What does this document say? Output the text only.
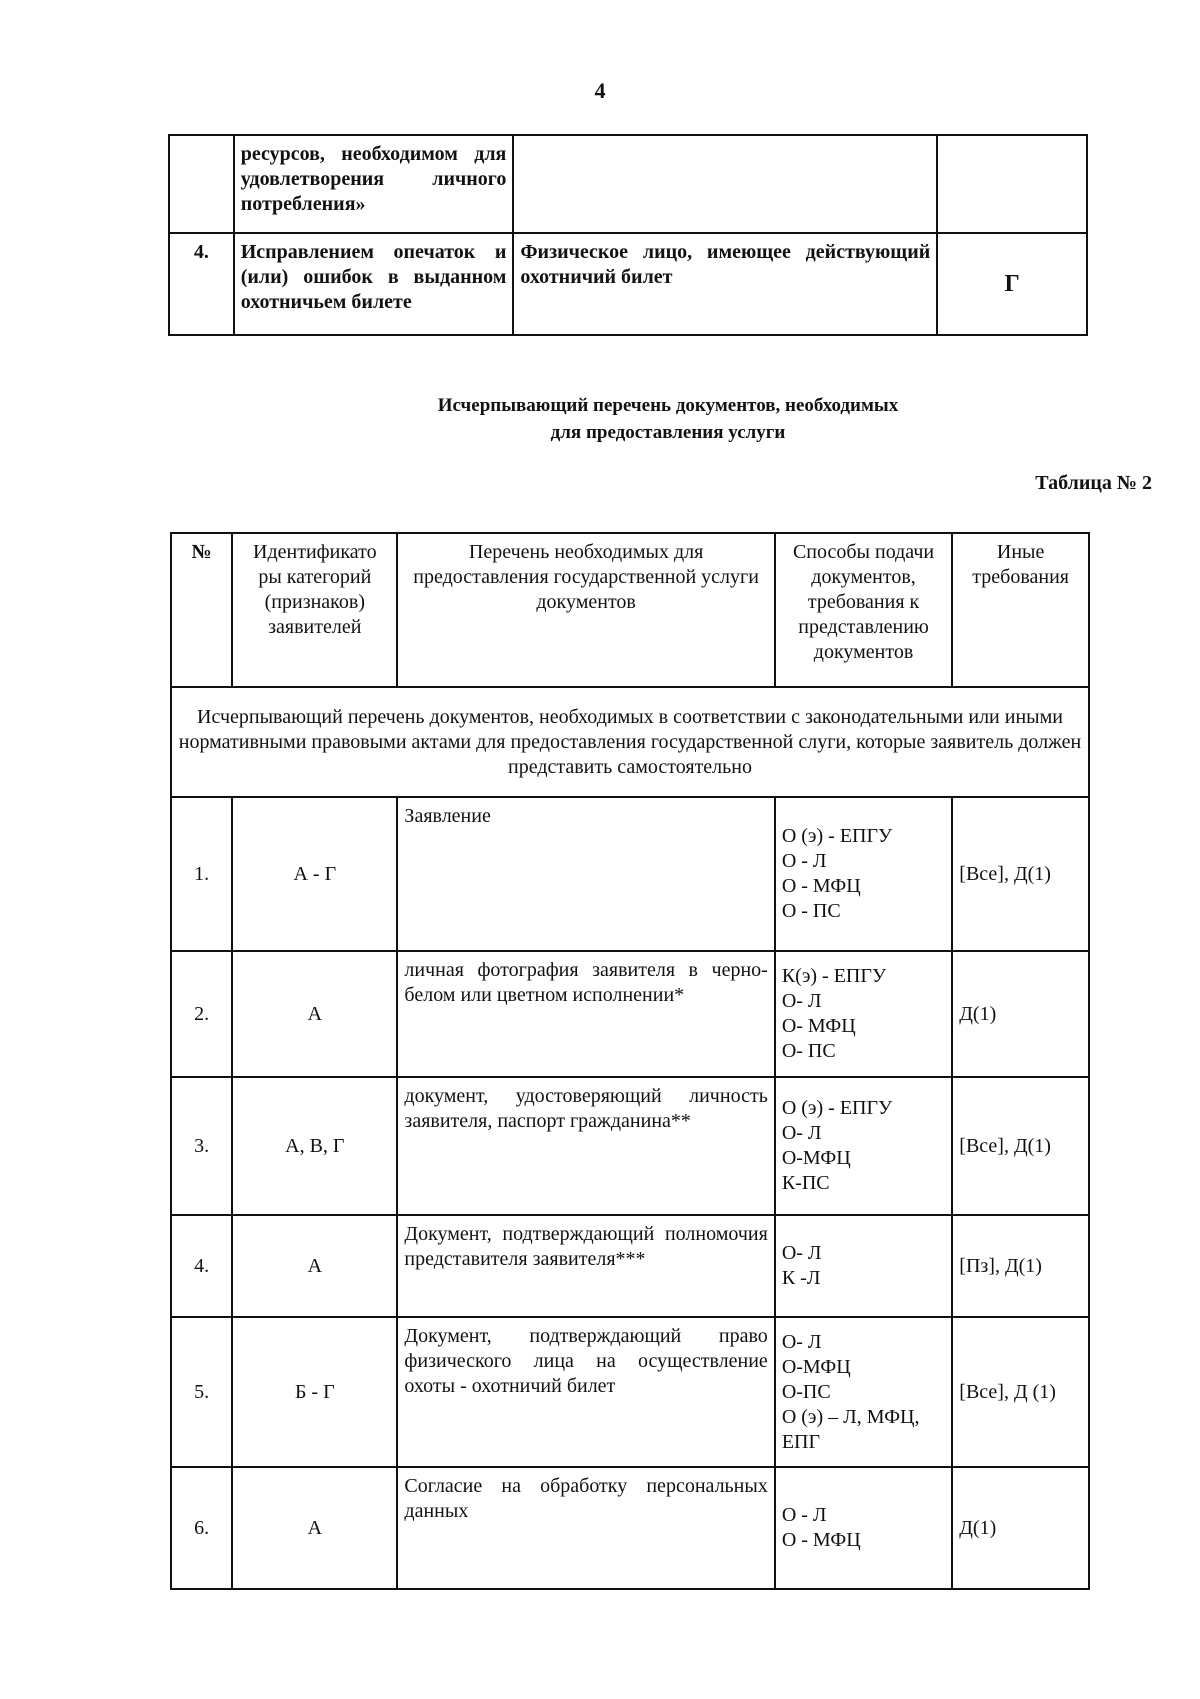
4
	ресурсов, необходимом для удовлетворения личного потребления»		
4.	Исправлением опечаток и (или) ошибок в выданном охотничьем билете	Физическое лицо, имеющее действующий охотничий билет	Г
Исчерпывающий перечень документов, необходимых
для предоставления услуги
Таблица № 2
№	Идентификато ры категорий (признаков) заявителей	Перечень необходимых для предоставления государственной услуги документов	Способы подачи документов, требования к представлению документов	Иные требования
Исчерпывающий перечень документов, необходимых в соответствии с законодательными или иными нормативными правовыми актами для предоставления государственной слуги, которые заявитель должен представить самостоятельно				
1.	А - Г	Заявление	О (э) - ЕПГУ
О - Л
О - МФЦ
О - ПС	[Все], Д(1)
2.	А	личная фотография заявителя в черно-белом или цветном исполнении*	К(э) - ЕПГУ
О- Л
О- МФЦ
О- ПС	Д(1)
3.	А, В, Г	документ, удостоверяющий личность заявителя, паспорт гражданина**	О (э) - ЕПГУ
О- Л
О-МФЦ
К-ПС	[Все], Д(1)
4.	А	Документ, подтверждающий полномочия представителя заявителя***	О- Л
К -Л	[Пз], Д(1)
5.	Б - Г	Документ, подтверждающий право физического лица на осуществление охоты - охотничий билет	О- Л
О-МФЦ
О-ПС
О (э) – Л, МФЦ, ЕПГ	[Все], Д (1)
6.	А	Согласие на обработку персональных данных	О - Л
О - МФЦ	Д(1)
